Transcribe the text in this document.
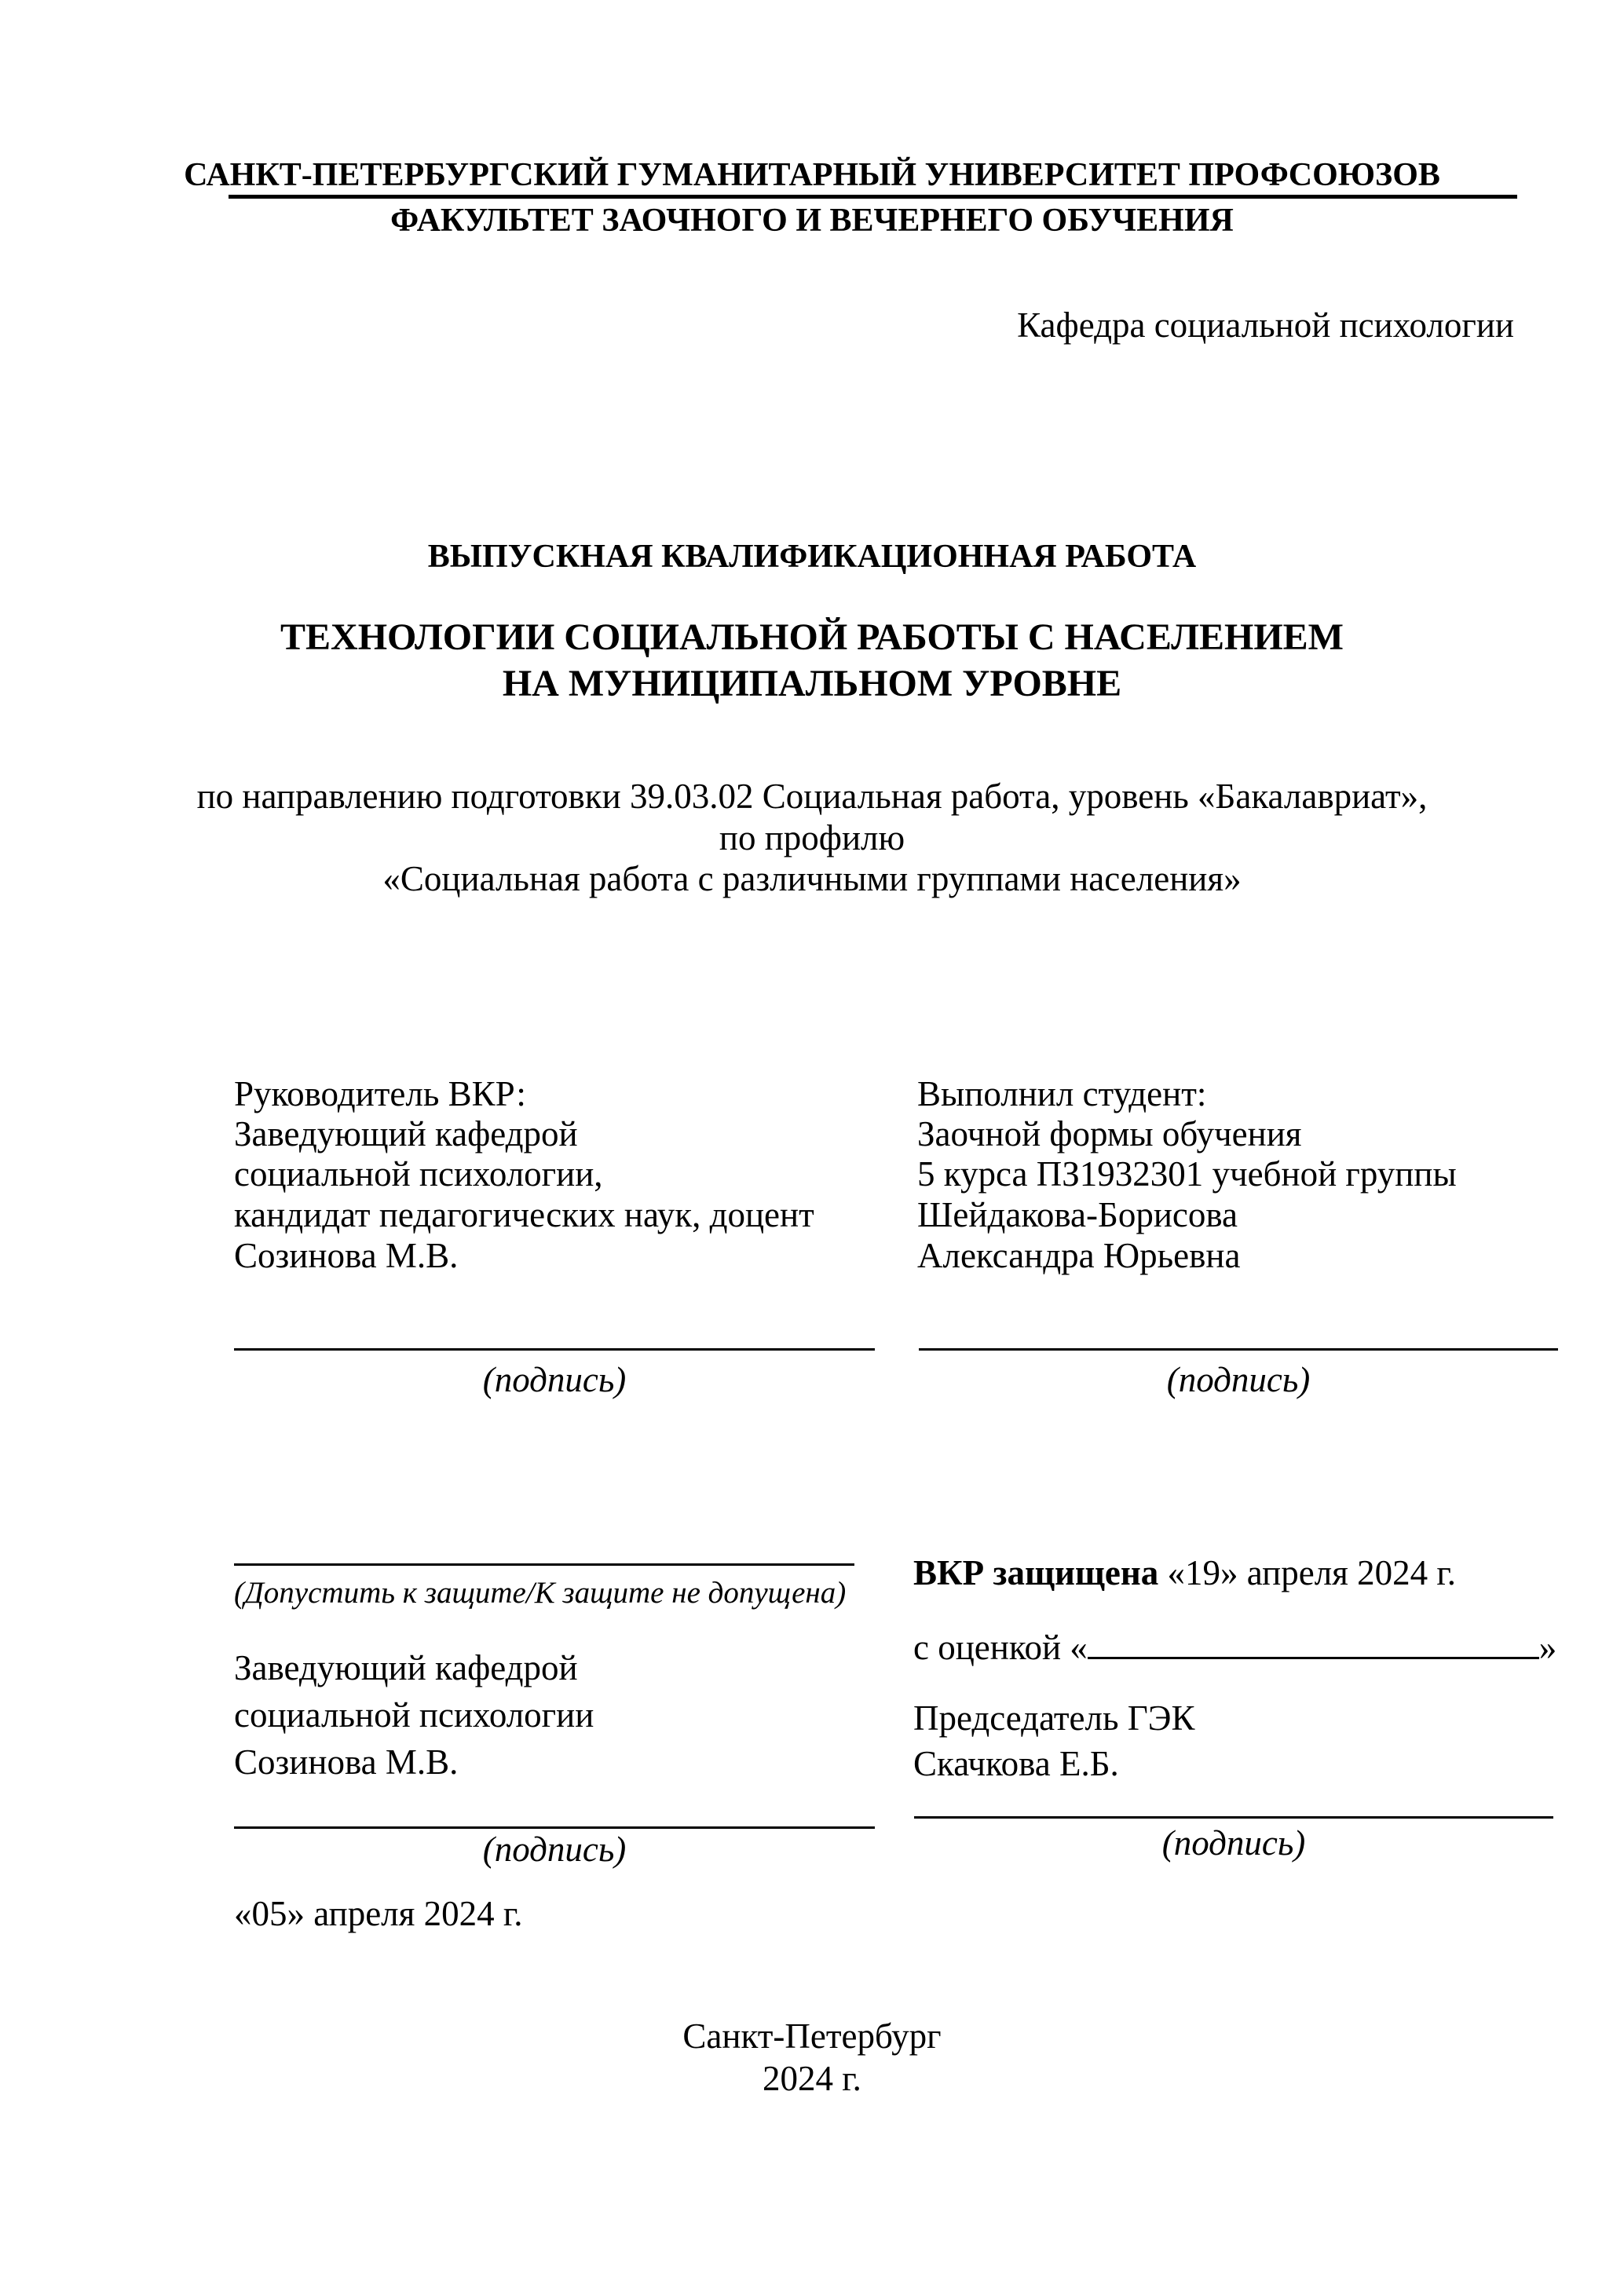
САНКТ-ПЕТЕРБУРГСКИЙ ГУМАНИТАРНЫЙ УНИВЕРСИТЕТ ПРОФСОЮЗОВ
ФАКУЛЬТЕТ ЗАОЧНОГО И ВЕЧЕРНЕГО ОБУЧЕНИЯ
Кафедра социальной психологии
ВЫПУСКНАЯ КВАЛИФИКАЦИОННАЯ РАБОТА
ТЕХНОЛОГИИ СОЦИАЛЬНОЙ РАБОТЫ С НАСЕЛЕНИЕМ
НА МУНИЦИПАЛЬНОМ УРОВНЕ
по направлению подготовки 39.03.02 Социальная работа, уровень «Бакалавриат»,
по профилю
«Социальная работа с различными группами населения»
Руководитель ВКР:
Заведующий кафедрой
социальной психологии,
кандидат педагогических наук, доцент
Созинова М.В.
(подпись)
Выполнил студент:
Заочной формы обучения
5 курса ПЗ1932301 учебной группы
Шейдакова-Борисова
Александра Юрьевна
(подпись)
(Допустить к защите/К защите не допущена)
Заведующий кафедрой
социальной психологии
Созинова М.В.
(подпись)
«05» апреля 2024 г.
ВКР защищена «19» апреля 2024 г.
с оценкой «	»
Председатель ГЭК
Скачкова Е.Б.
(подпись)
Санкт-Петербург
2024 г.
